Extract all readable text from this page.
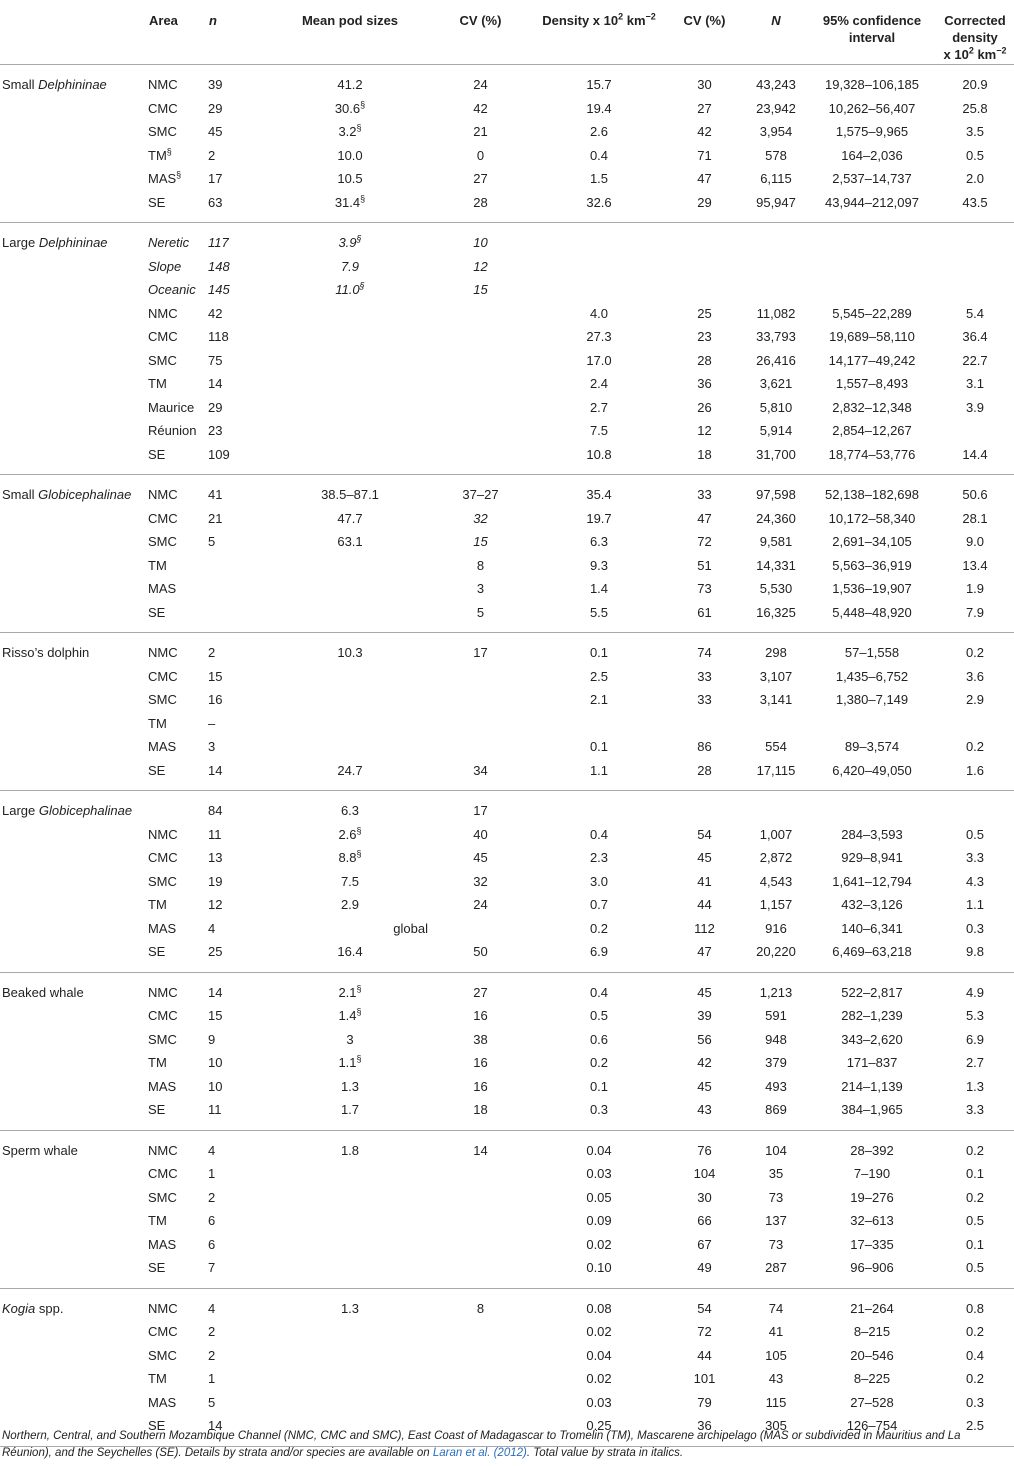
	Area	n	Mean pod sizes	CV (%)	Density x $10^2$ $km^{-2}$	CV (%)	N	95% confidence
interval	Corrected density
x $10^2$ $km^{-2}$
Small Delphininae	NMC	39	41.2	24	15.7	30	43,243	19,328–106,185	20.9
	CMC	29	30.6§	42	19.4	27	23,942	10,262–56,407	25.8
	SMC	45	3.2§	21	2.6	42	3,954	1,575–9,965	3.5
	TM§	2	10.0	0	0.4	71	578	164–2,036	0.5
	MAS§	17	10.5	27	1.5	47	6,115	2,537–14,737	2.0
	SE	63	31.4§	28	32.6	29	95,947	43,944–212,097	43.5
Large Delphininae	Neretic	117	3.9§	10					
	Slope	148	7.9	12					
	Oceanic	145	11.0§	15					
	NMC	42			4.0	25	11,082	5,545–22,289	5.4
	CMC	118			27.3	23	33,793	19,689–58,110	36.4
	SMC	75			17.0	28	26,416	14,177–49,242	22.7
	TM	14			2.4	36	3,621	1,557–8,493	3.1
	Maurice	29			2.7	26	5,810	2,832–12,348	3.9
	Réunion	23			7.5	12	5,914	2,854–12,267	
	SE	109			10.8	18	31,700	18,774–53,776	14.4
Small Globicephalinae	NMC	41	38.5–87.1	37–27	35.4	33	97,598	52,138–182,698	50.6
	CMC	21	47.7	32	19.7	47	24,360	10,172–58,340	28.1
	SMC	5	63.1	15	6.3	72	9,581	2,691–34,105	9.0
	TM			8	9.3	51	14,331	5,563–36,919	13.4
	MAS			3	1.4	73	5,530	1,536–19,907	1.9
	SE			5	5.5	61	16,325	5,448–48,920	7.9
Risso’s dolphin	NMC	2	10.3	17	0.1	74	298	57–1,558	0.2
	CMC	15			2.5	33	3,107	1,435–6,752	3.6
	SMC	16			2.1	33	3,141	1,380–7,149	2.9
	TM	–							
	MAS	3			0.1	86	554	89–3,574	0.2
	SE	14	24.7	34	1.1	28	17,115	6,420–49,050	1.6
Large Globicephalinae		84	6.3	17					
	NMC	11	2.6§	40	0.4	54	1,007	284–3,593	0.5
	CMC	13	8.8§	45	2.3	45	2,872	929–8,941	3.3
	SMC	19	7.5	32	3.0	41	4,543	1,641–12,794	4.3
	TM	12	2.9	24	0.7	44	1,157	432–3,126	1.1
	MAS	4	global		0.2	112	916	140–6,341	0.3
	SE	25	16.4	50	6.9	47	20,220	6,469–63,218	9.8
Beaked whale	NMC	14	2.1§	27	0.4	45	1,213	522–2,817	4.9
	CMC	15	1.4§	16	0.5	39	591	282–1,239	5.3
	SMC	9	3	38	0.6	56	948	343–2,620	6.9
	TM	10	1.1§	16	0.2	42	379	171–837	2.7
	MAS	10	1.3	16	0.1	45	493	214–1,139	1.3
	SE	11	1.7	18	0.3	43	869	384–1,965	3.3
Sperm whale	NMC	4	1.8	14	0.04	76	104	28–392	0.2
	CMC	1			0.03	104	35	7–190	0.1
	SMC	2			0.05	30	73	19–276	0.2
	TM	6			0.09	66	137	32–613	0.5
	MAS	6			0.02	67	73	17–335	0.1
	SE	7			0.10	49	287	96–906	0.5
Kogia spp.	NMC	4	1.3	8	0.08	54	74	21–264	0.8
	CMC	2			0.02	72	41	8–215	0.2
	SMC	2			0.04	44	105	20–546	0.4
	TM	1			0.02	101	43	8–225	0.2
	MAS	5			0.03	79	115	27–528	0.3
	SE	14			0.25	36	305	126–754	2.5
Northern, Central, and Southern Mozambique Channel (NMC, CMC and SMC), East Coast of Madagascar to Tromelin (TM), Mascarene archipelago (MAS or subdivided in Mauritius and La Réunion), and the Seychelles (SE). Details by strata and/or species are available on Laran et al. (2012). Total value by strata in italics.
